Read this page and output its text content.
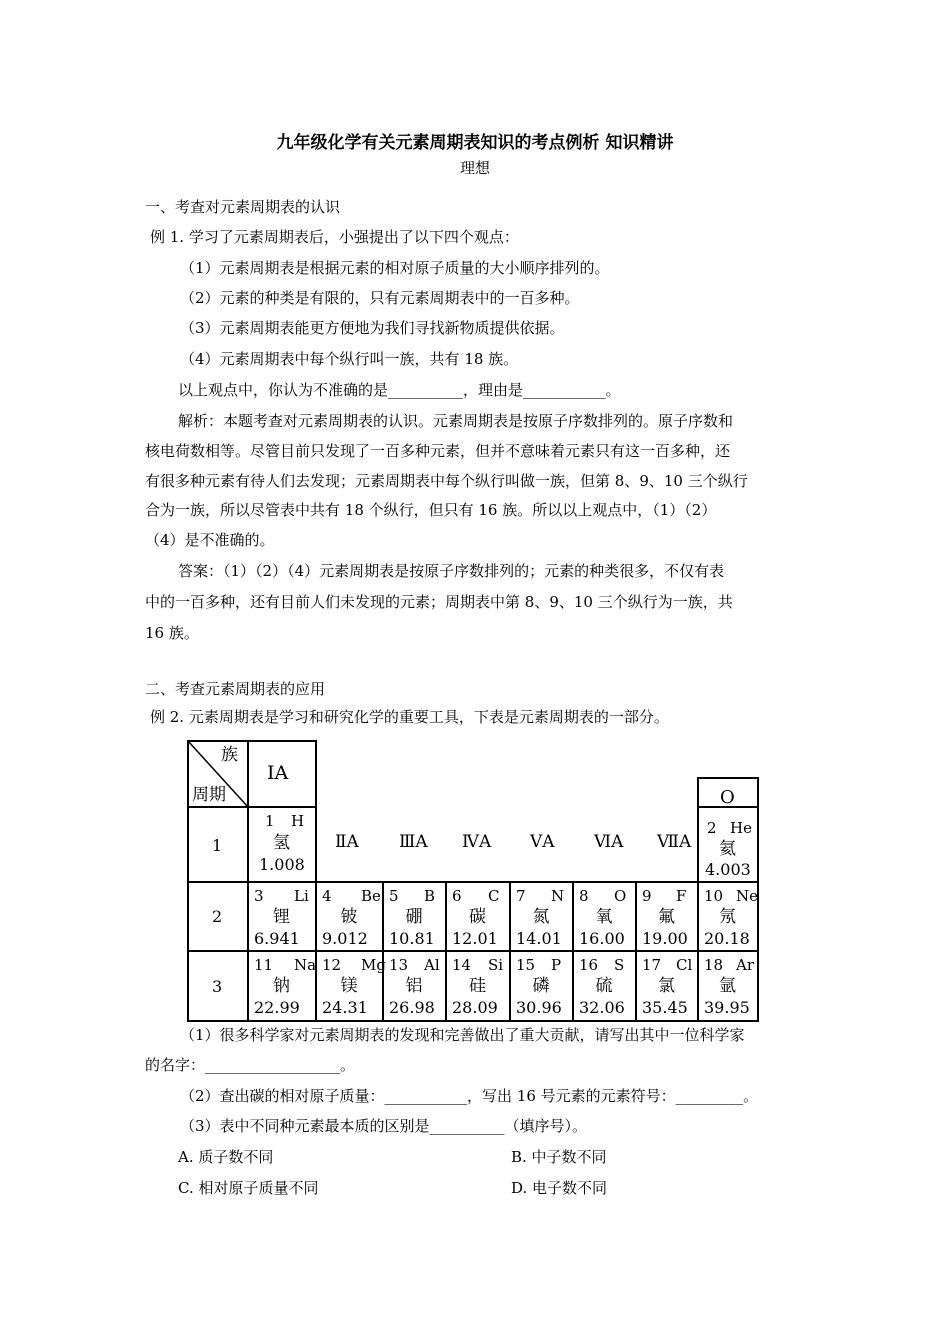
九年级化学有关元素周期表知识的考点例析 知识精讲
理想
一、考查对元素周期表的认识
例 1. 学习了元素周期表后，小强提出了以下四个观点：
（1）元素周期表是根据元素的相对原子质量的大小顺序排列的。
（2）元素的种类是有限的，只有元素周期表中的一百多种。
（3）元素周期表能更方便地为我们寻找新物质提供依据。
（4）元素周期表中每个纵行叫一族，共有 18 族。
以上观点中，你认为不准确的是__________，理由是___________。
解析：本题考查对元素周期表的认识。元素周期表是按原子序数排列的。原子序数和
核电荷数相等。尽管目前只发现了一百多种元素，但并不意味着元素只有这一百多种，还
有很多种元素有待人们去发现；元素周期表中每个纵行叫做一族，但第 8、9、10 三个纵行
合为一族，所以尽管表中共有 18 个纵行，但只有 16 族。所以以上观点中，（1）（2）
（4）是不准确的。
答案：（1）（2）（4）元素周期表是按原子序数排列的；元素的种类很多，不仅有表
中的一百多种，还有目前人们未发现的元素；周期表中第 8、9、10 三个纵行为一族，共
16 族。
二、考查元素周期表的应用
例 2. 元素周期表是学习和研究化学的重要工具，下表是元素周期表的一部分。
族
周期
ⅠA
O
1
2
3
ⅡA ⅢA ⅣA ⅤA ⅥA ⅦA
1 H
氢
1.008
2 He
氦
4.003
3 Li
锂
6.941
4 Be
铍
9.012
5 B
硼
10.81
6 C
碳
12.01
7 N
氮
14.01
8 O
氧
16.00
9 F
氟
19.00
10 Ne
氖
20.18
11 Na
钠
22.99
12 Mg
镁
24.31
13 Al
铝
26.98
14 Si
硅
28.09
15 P
磷
30.96
16 S
硫
32.06
17 Cl
氯
35.45
18 Ar
氩
39.95
（1）很多科学家对元素周期表的发现和完善做出了重大贡献，请写出其中一位科学家
的名字：__________________。
（2）查出碳的相对原子质量：___________，写出 16 号元素的元素符号：_________。
（3）表中不同种元素最本质的区别是__________（填序号）。
A. 质子数不同	B. 中子数不同
C. 相对原子质量不同	D. 电子数不同
